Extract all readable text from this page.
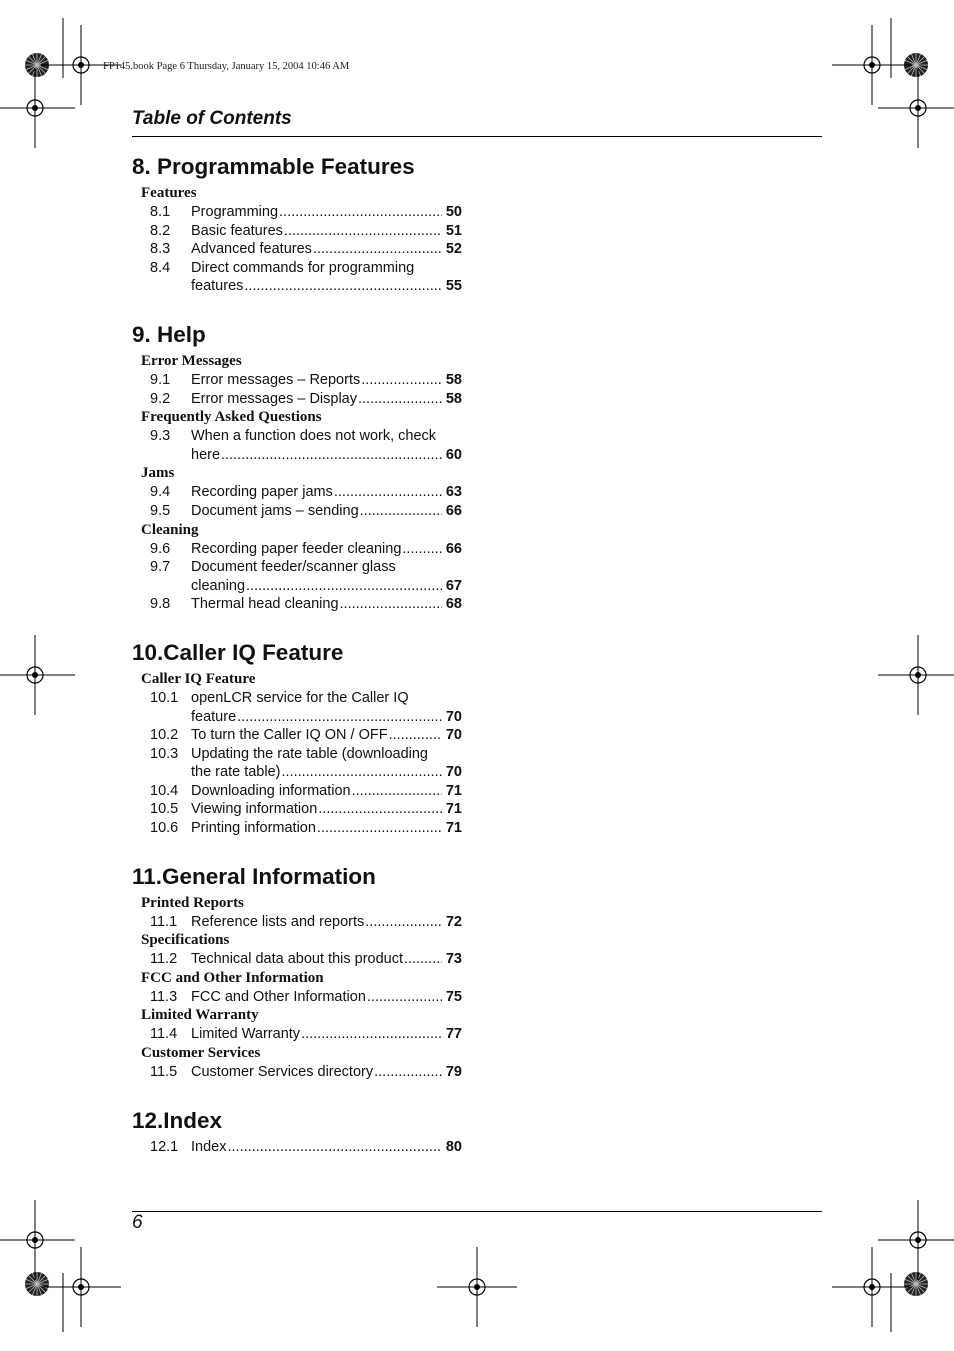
FP145.book Page 6 Thursday, January 15, 2004 10:46 AM
Table of Contents
8. Programmable Features
Features
8.1	Programming .....	50
8.2	Basic features .....	51
8.3	Advanced features .....	52
8.4	Direct commands for programming
features .....	55
9. Help
Error Messages
9.1	Error messages – Reports .....	58
9.2	Error messages – Display .....	58
Frequently Asked Questions
9.3	When a function does not work, check
here .....	60
Jams
9.4	Recording paper jams .....	63
9.5	Document jams – sending .....	66
Cleaning
9.6	Recording paper feeder cleaning .....	66
9.7	Document feeder/scanner glass
cleaning .....	67
9.8	Thermal head cleaning .....	68
10.Caller IQ Feature
Caller IQ Feature
10.1 openLCR service for the Caller IQ
feature .....	70
10.2 To turn the Caller IQ ON / OFF .....	70
10.3 Updating the rate table (downloading
the rate table) .....	70
10.4 Downloading information .....	71
10.5 Viewing information .....	71
10.6 Printing information .....	71
11.General Information
Printed Reports
11.1 Reference lists and reports .....	72
Specifications
11.2 Technical data about this product .....	73
FCC and Other Information
11.3 FCC and Other Information .....	75
Limited Warranty
11.4 Limited Warranty .....	77
Customer Services
11.5 Customer Services directory .....	79
12.Index
12.1 Index .....	80
6
